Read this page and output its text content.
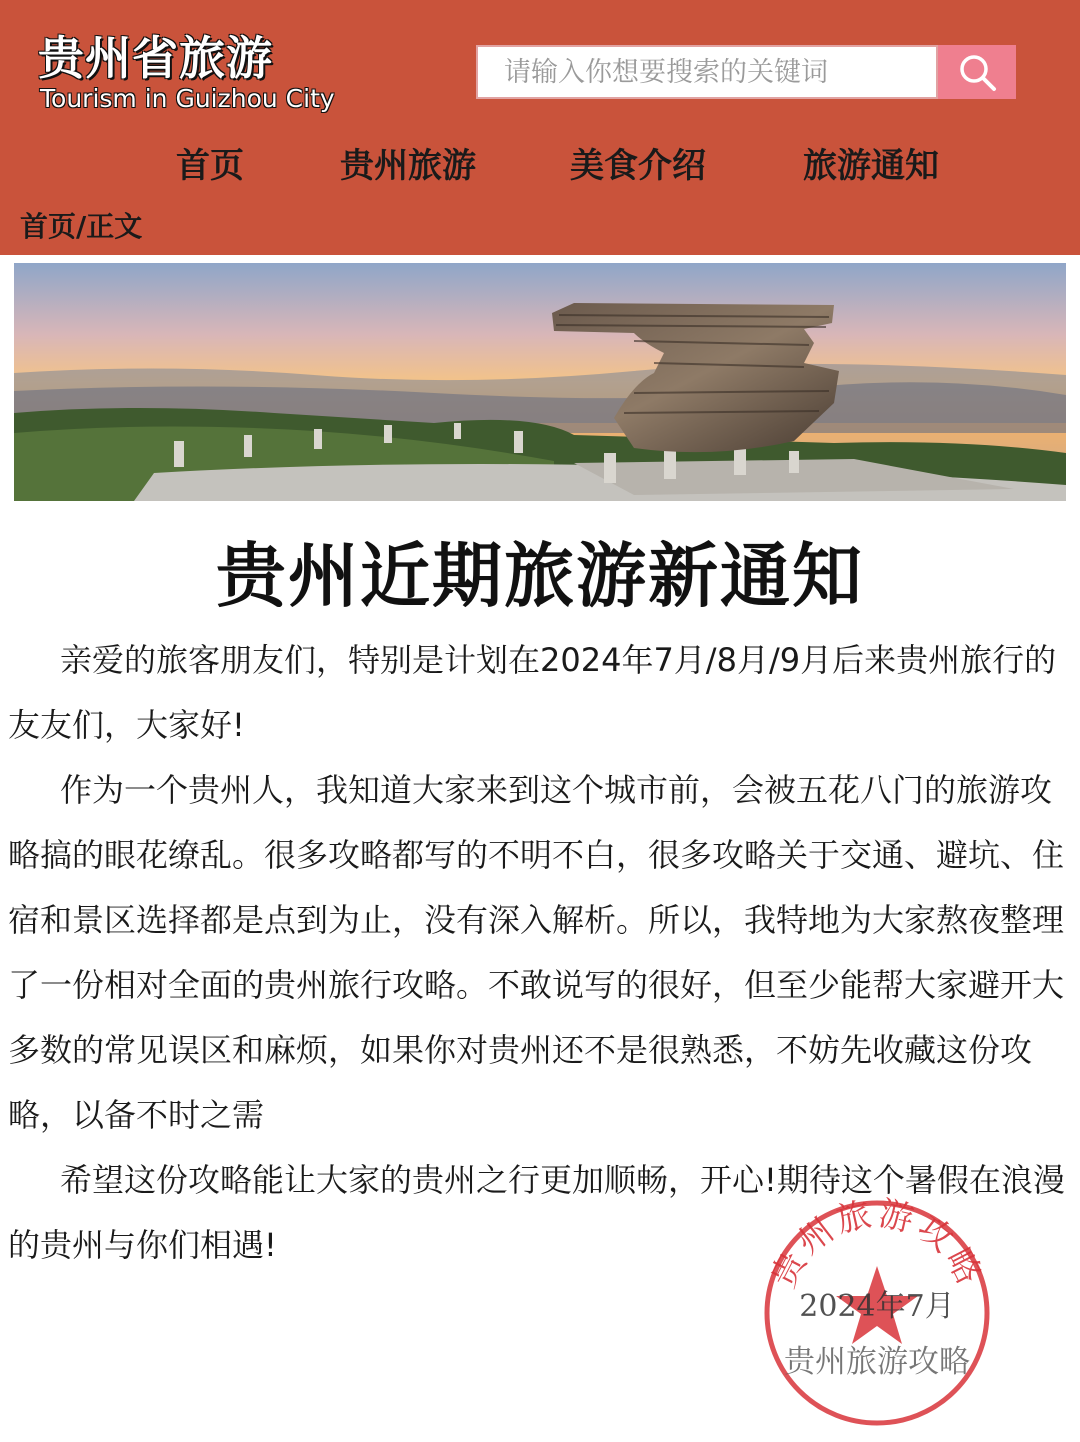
贵州省旅游
Tourism in Guizhou City
请输入你想要搜索的关键词
首页	贵州旅游	美食介绍	旅游通知
首页/正文
贵州近期旅游新通知

亲爱的旅客朋友们，特别是计划在2024年7月/8月/9月后来贵州旅行的友友们，大家好!

作为一个贵州人，我知道大家来到这个城市前，会被五花八门的旅游攻略搞的眼花缭乱。很多攻略都写的不明不白，很多攻略关于交通、避坑、住宿和景区选择都是点到为止，没有深入解析。所以，我特地为大家熬夜整理了一份相对全面的贵州旅行攻略。不敢说写的很好，但至少能帮大家避开大多数的常见误区和麻烦，如果你对贵州还不是很熟悉，不妨先收藏这份攻略，以备不时之需

希望这份攻略能让大家的贵州之行更加顺畅，开心!期待这个暑假在浪漫的贵州与你们相遇!	贵州旅游攻略
2024年7月
贵州旅游攻略
